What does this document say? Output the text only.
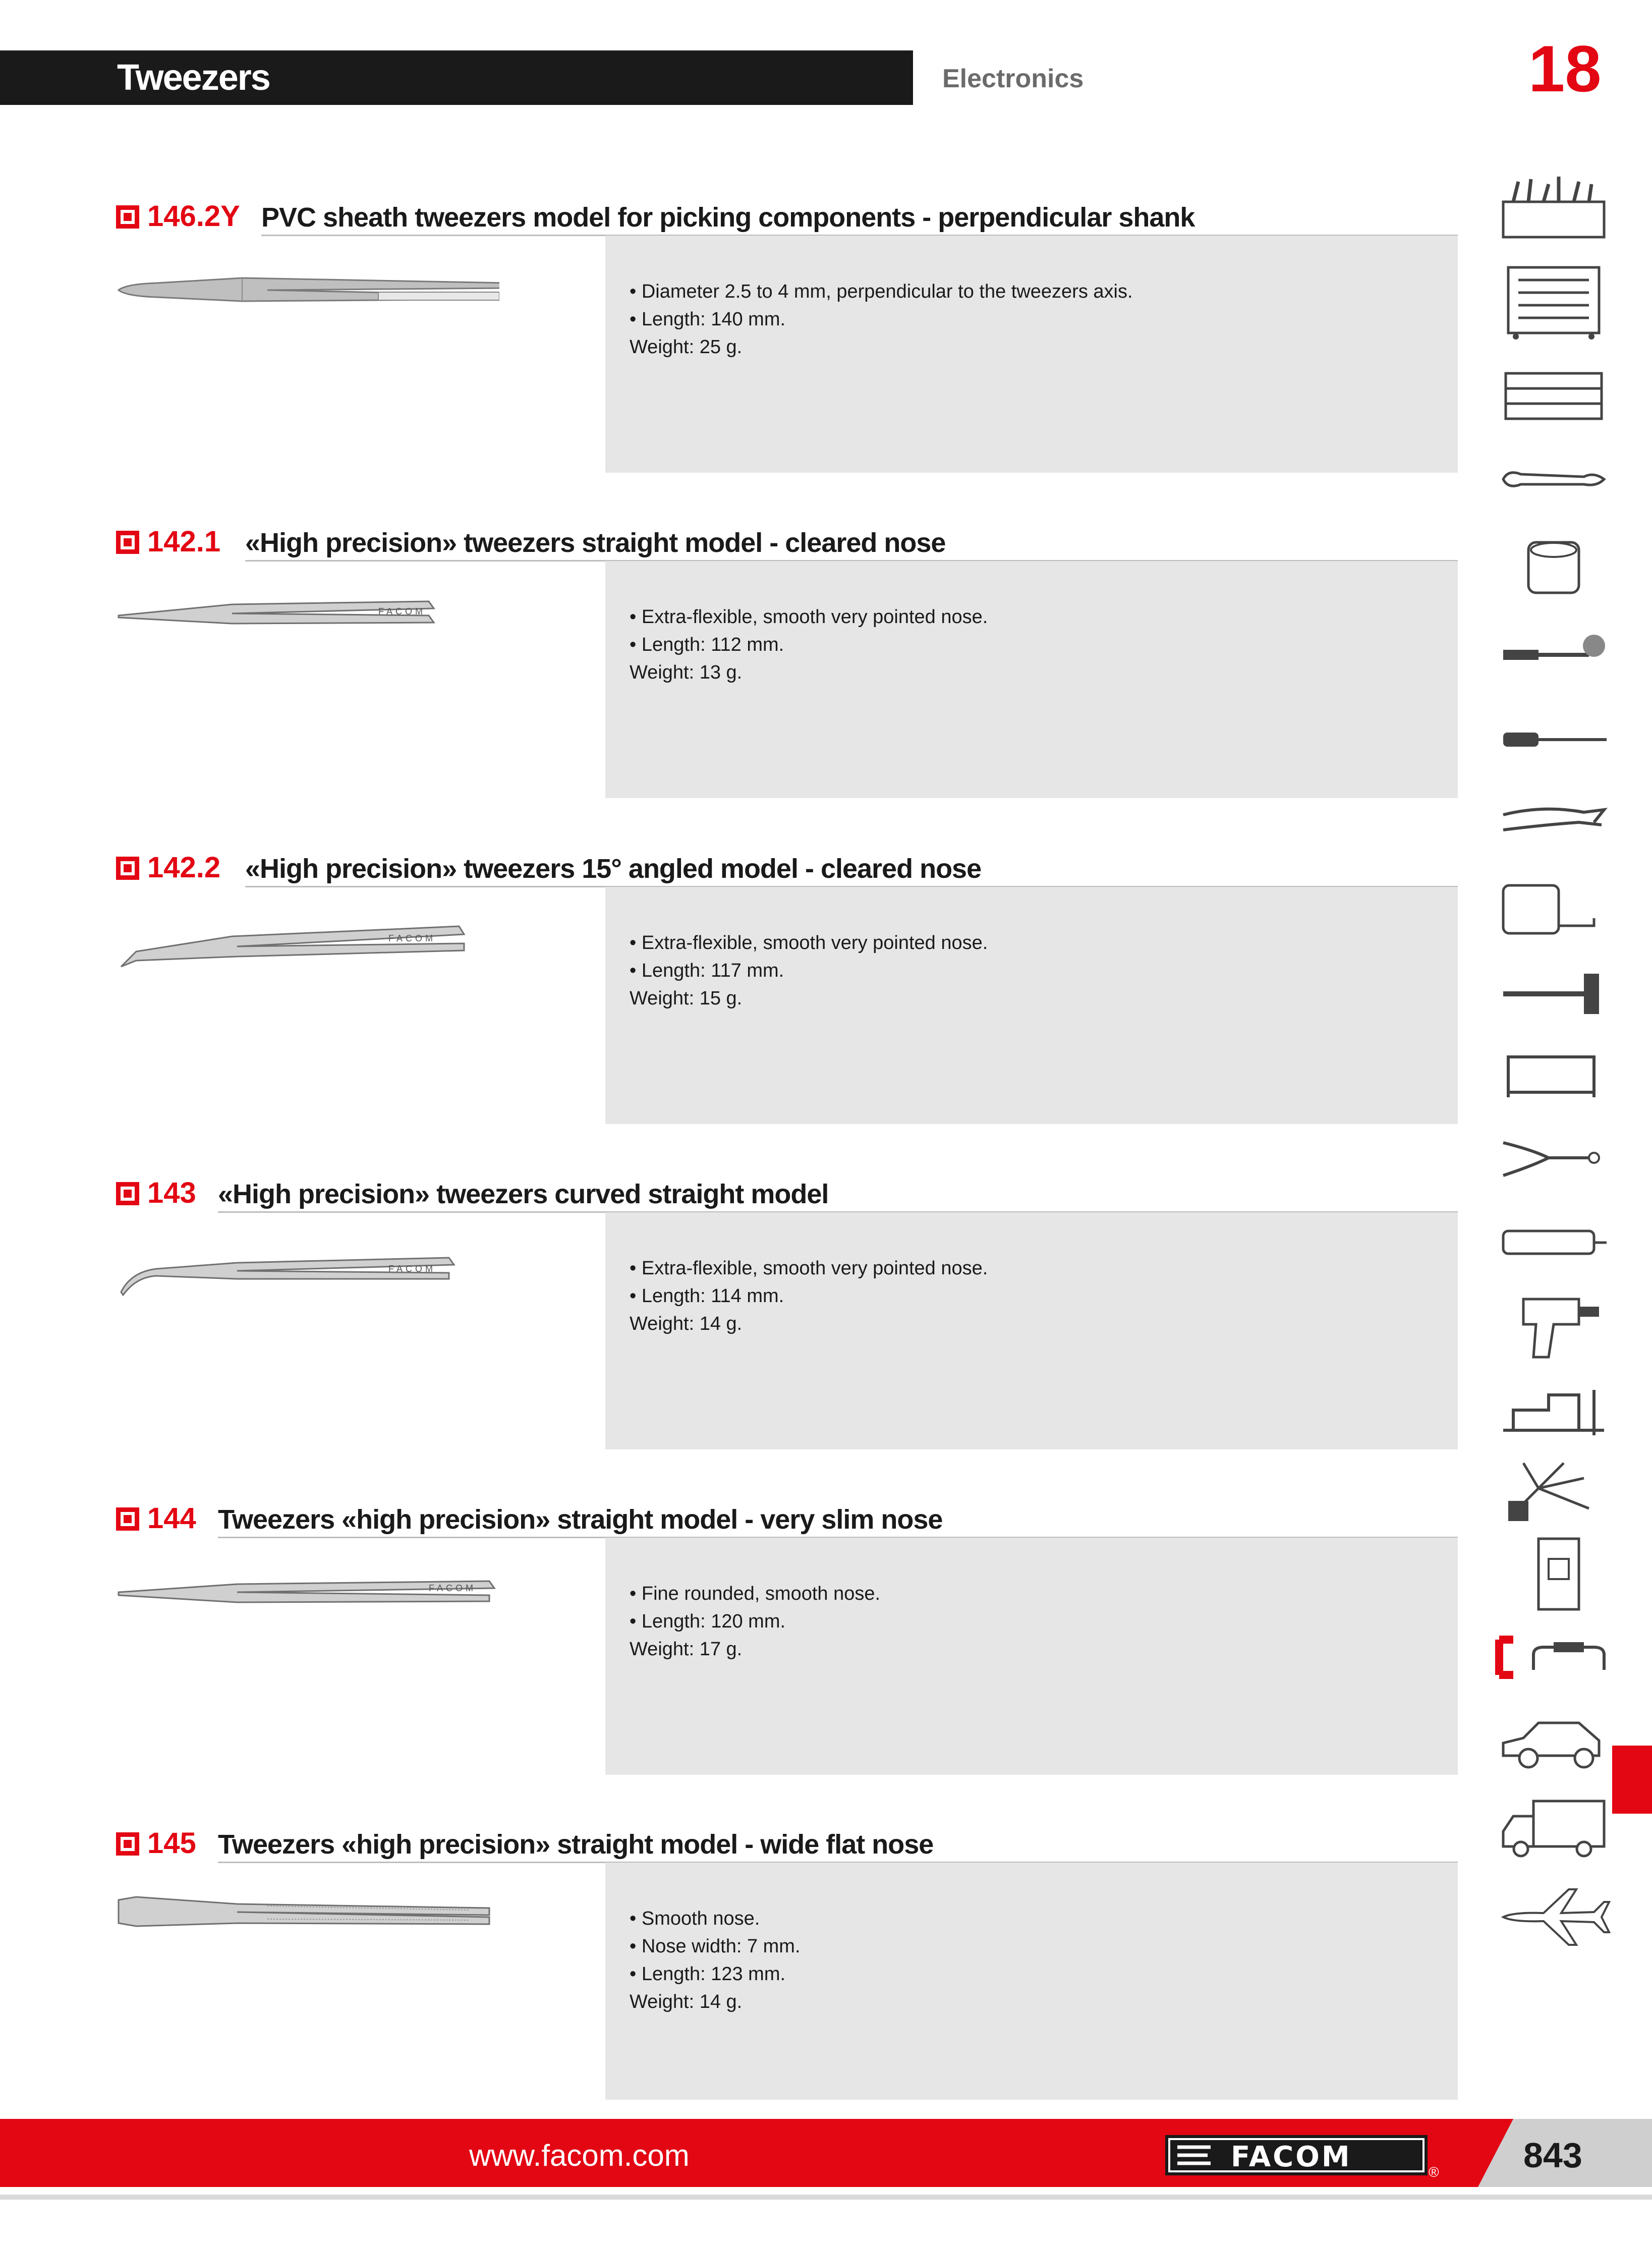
Tweezers	Electronics	18
146.2Y PVC sheath tweezers model for picking components - perpendicular shank
• Diameter 2.5 to 4 mm, perpendicular to the tweezers axis.
• Length: 140 mm.
Weight: 25 g.
142.1 «High precision» tweezers straight model - cleared nose
FACOM	• Extra-flexible, smooth very pointed nose.
• Length: 112 mm.
Weight: 13 g.
142.2 «High precision» tweezers 15° angled model - cleared nose
FACOM	• Extra-flexible, smooth very pointed nose.
• Length: 117 mm.
Weight: 15 g.
143 «High precision» tweezers curved straight model
FACOM	• Extra-flexible, smooth very pointed nose.
• Length: 114 mm.
Weight: 14 g.
144 Tweezers «high precision» straight model - very slim nose
FACOM	• Fine rounded, smooth nose.
• Length: 120 mm.
Weight: 17 g.
145 Tweezers «high precision» straight model - wide flat nose
• Smooth nose.
• Nose width: 7 mm.
• Length: 123 mm.
Weight: 14 g.
www.facom.com	FACOM	® 843
